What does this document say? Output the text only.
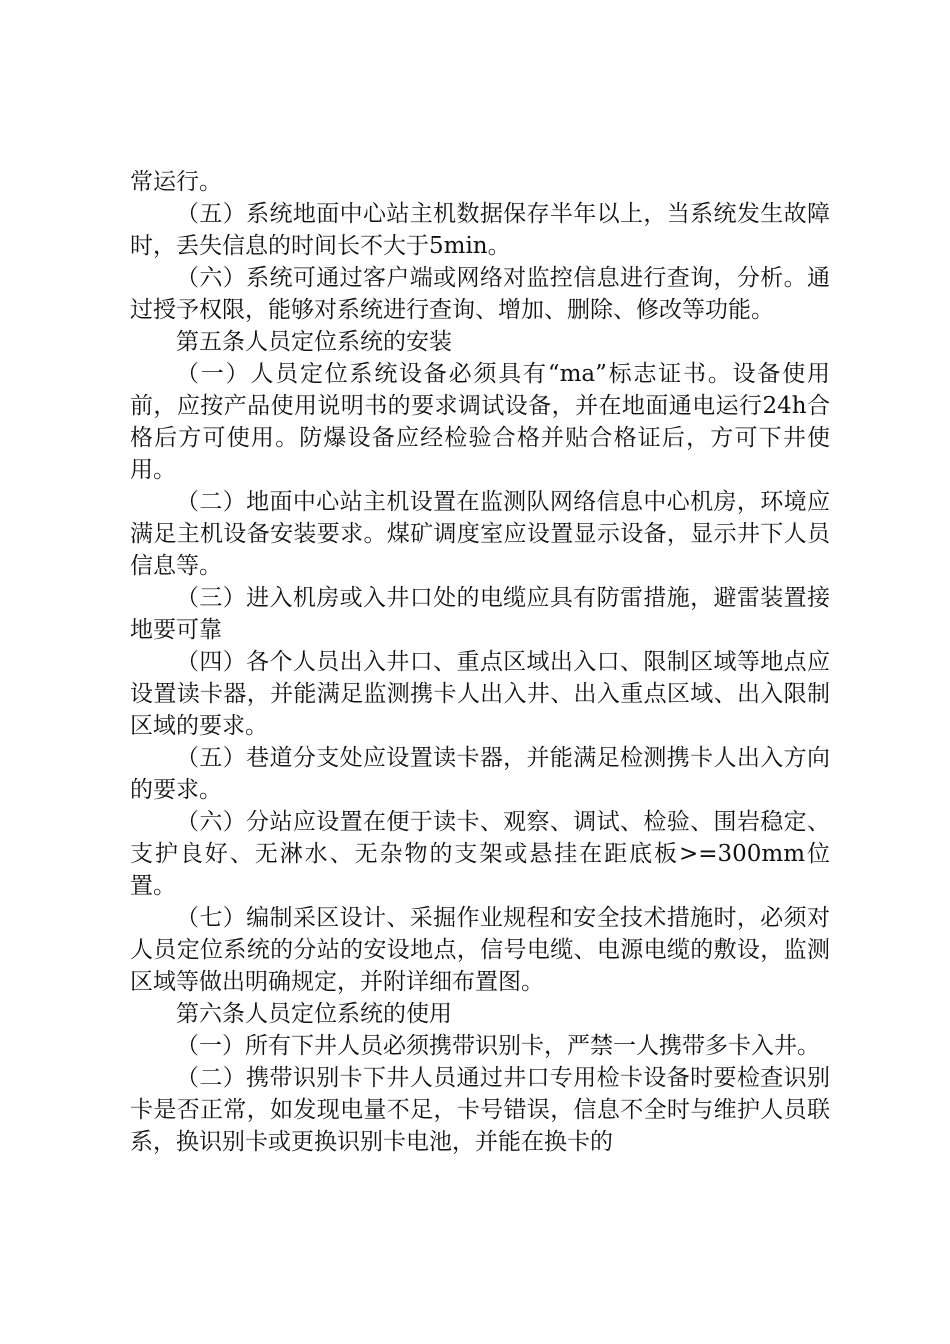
常运行。

（五）系统地面中心站主机数据保存半年以上，当系统发生故障时，丢失信息的时间长不大于5min。

（六）系统可通过客户端或网络对监控信息进行查询，分析。通过授予权限，能够对系统进行查询、增加、删除、修改等功能。

第五条人员定位系统的安装

（一）人员定位系统设备必须具有“ma”标志证书。设备使用前，应按产品使用说明书的要求调试设备，并在地面通电运行24h合格后方可使用。防爆设备应经检验合格并贴合格证后，方可下井使用。

（二）地面中心站主机设置在监测队网络信息中心机房，环境应满足主机设备安装要求。煤矿调度室应设置显示设备，显示井下人员信息等。

（三）进入机房或入井口处的电缆应具有防雷措施，避雷装置接地要可靠

（四）各个人员出入井口、重点区域出入口、限制区域等地点应设置读卡器，并能满足监测携卡人出入井、出入重点区域、出入限制区域的要求。

（五）巷道分支处应设置读卡器，并能满足检测携卡人出入方向的要求。

（六）分站应设置在便于读卡、观察、调试、检验、围岩稳定、支护良好、无淋水、无杂物的支架或悬挂在距底板>=300mm位置。

（七）编制采区设计、采掘作业规程和安全技术措施时，必须对人员定位系统的分站的安设地点，信号电缆、电源电缆的敷设，监测区域等做出明确规定，并附详细布置图。

第六条人员定位系统的使用

（一）所有下井人员必须携带识别卡，严禁一人携带多卡入井。

（二）携带识别卡下井人员通过井口专用检卡设备时要检查识别卡是否正常，如发现电量不足，卡号错误，信息不全时与维护人员联系，换识别卡或更换识别卡电池，并能在换卡的
